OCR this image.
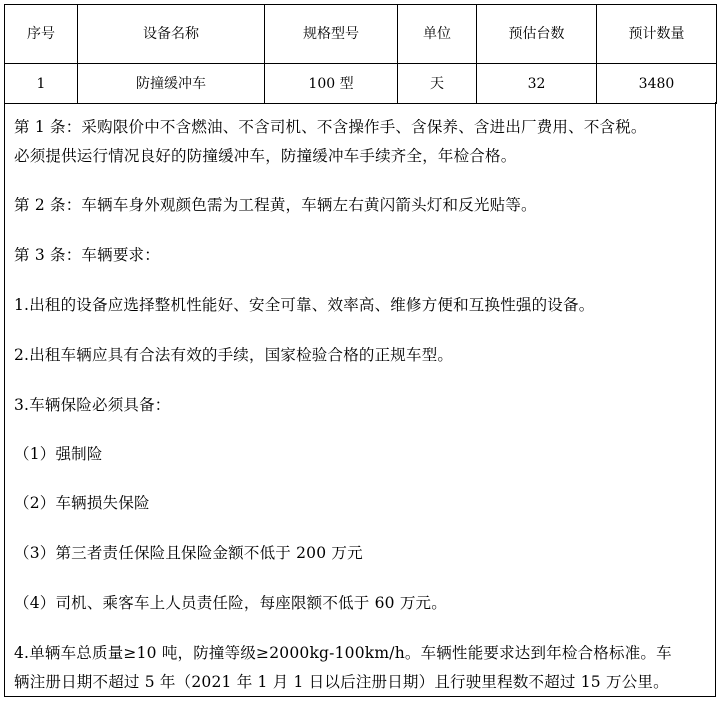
序号	设备名称	规格型号	单位	预估台数	预计数量
1	防撞缓冲车	100 型	天	32	3480

第 1 条：采购限价中不含燃油、不含司机、不含操作手、含保养、含进出厂费用、不含税。

必须提供运行情况良好的防撞缓冲车，防撞缓冲车手续齐全，年检合格。

第 2 条：车辆车身外观颜色需为工程黄，车辆左右黄闪箭头灯和反光贴等。

第 3 条：车辆要求：

1.出租的设备应选择整机性能好、安全可靠、效率高、维修方便和互换性强的设备。

2.出租车辆应具有合法有效的手续，国家检验合格的正规车型。

3.车辆保险必须具备：

（1）强制险

（2）车辆损失保险

（3）第三者责任保险且保险金额不低于 200 万元

（4）司机、乘客车上人员责任险，每座限额不低于 60 万元。

4.单辆车总质量≥10 吨，防撞等级≥2000kg-100km/h。车辆性能要求达到年检合格标准。车

辆注册日期不超过 5 年（2021 年 1 月 1 日以后注册日期）且行驶里程数不超过 15 万公里。
